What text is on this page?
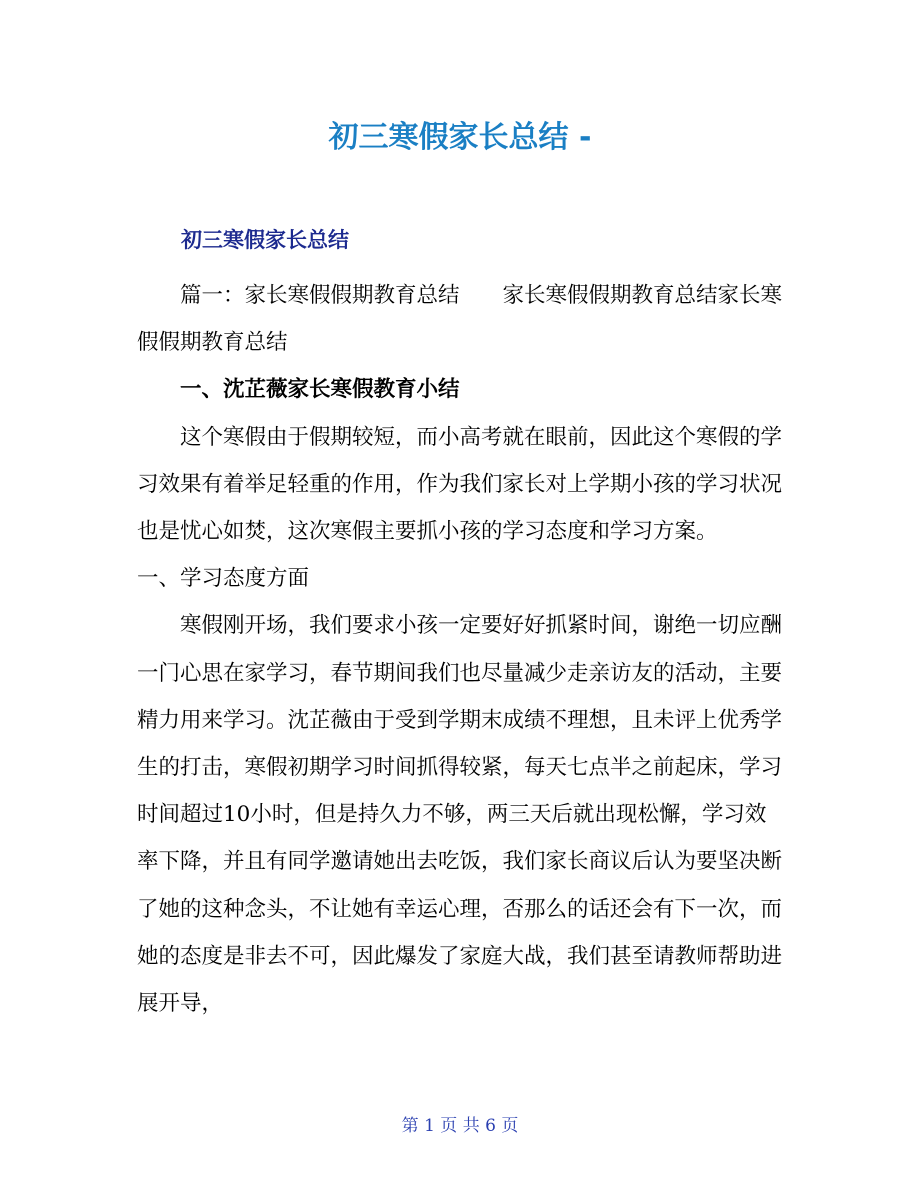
初三寒假家长总结 -
初三寒假家长总结

篇一：家长寒假假期教育总结　　家长寒假假期教育总结家长寒假假期教育总结

一、沈芷薇家长寒假教育小结

这个寒假由于假期较短，而小高考就在眼前，因此这个寒假的学习效果有着举足轻重的作用，作为我们家长对上学期小孩的学习状况也是忧心如焚，这次寒假主要抓小孩的学习态度和学习方案。　　　　一、学习态度方面

寒假刚开场，我们要求小孩一定要好好抓紧时间，谢绝一切应酬一门心思在家学习，春节期间我们也尽量减少走亲访友的活动，主要精力用来学习。沈芷薇由于受到学期末成绩不理想，且未评上优秀学生的打击，寒假初期学习时间抓得较紧，每天七点半之前起床，学习时间超过10小时，但是持久力不够，两三天后就出现松懈，学习效率下降，并且有同学邀请她出去吃饭，我们家长商议后认为要坚决断了她的这种念头，不让她有幸运心理，否那么的话还会有下一次，而她的态度是非去不可，因此爆发了家庭大战，我们甚至请教师帮助进展开导，

第 1 页 共 6 页
